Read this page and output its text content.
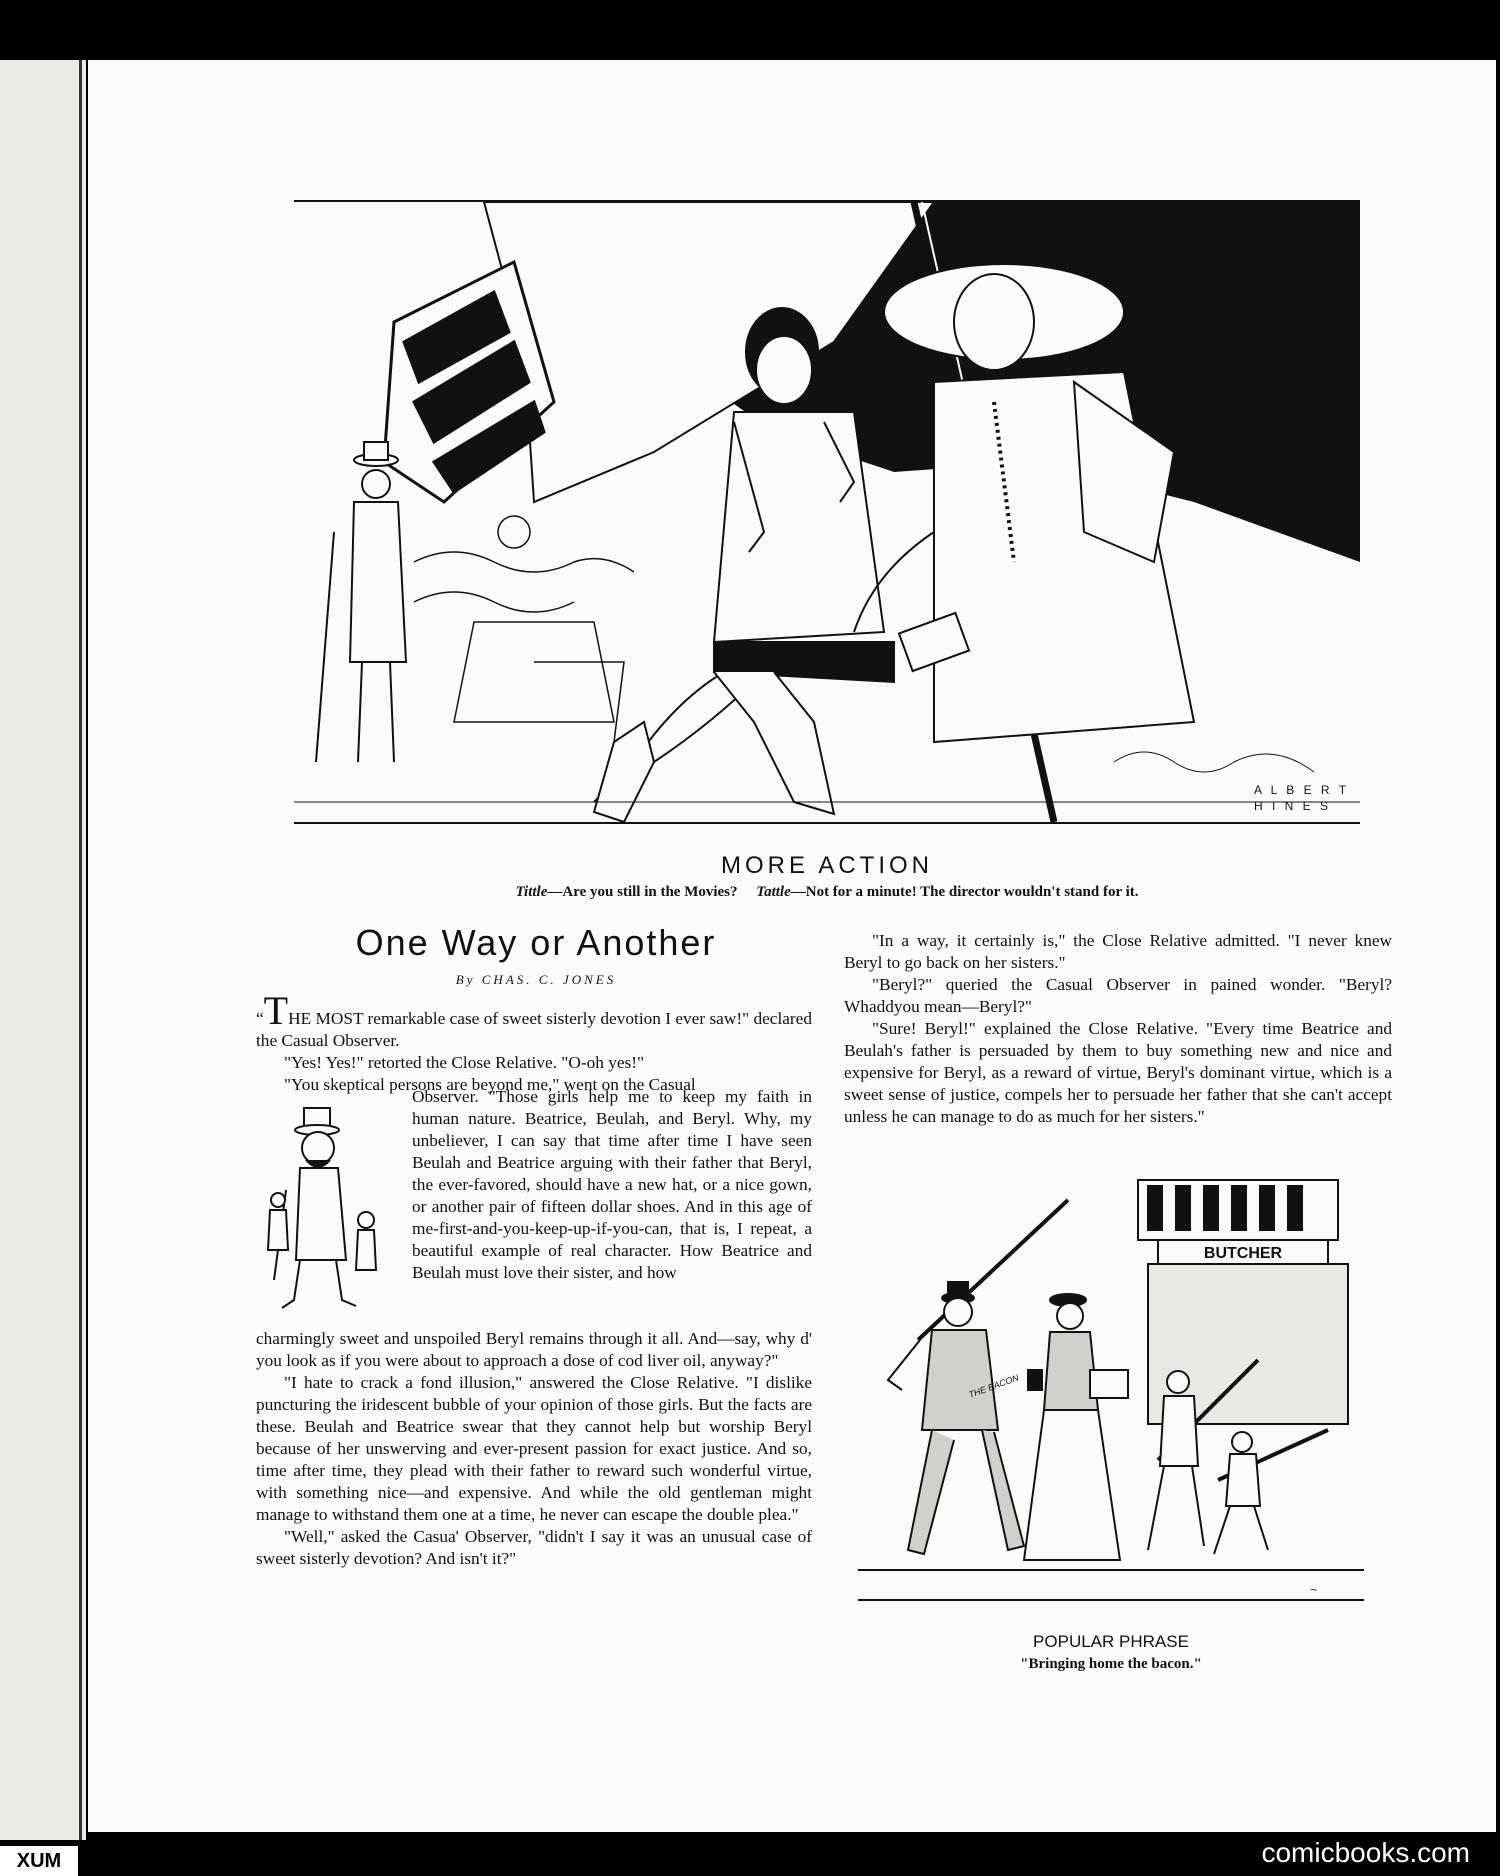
A L B E R T
H I N E S
MORE ACTION
Tittle—Are you still in the Movies? Tattle—Not for a minute! The director wouldn't stand for it.
One Way or Another
By CHAS. C. JONES

“THE MOST remarkable case of sweet sisterly devotion I ever saw!" declared the Casual Observer.

"Yes! Yes!" retorted the Close Relative. "O-oh yes!"

"You skeptical persons are beyond me," went on the Casual

Observer. "Those girls help me to keep my faith in human nature. Beatrice, Beulah, and Beryl. Why, my unbeliever, I can say that time after time I have seen Beulah and Beatrice arguing with their father that Beryl, the ever-favored, should have a new hat, or a nice gown, or another pair of fifteen dollar shoes. And in this age of me-first-and-you-keep-up-if-you-can, that is, I repeat, a beautiful example of real character. How Beatrice and Beulah must love their sister, and how

charmingly sweet and unspoiled Beryl remains through it all. And—say, why d' you look as if you were about to approach a dose of cod liver oil, anyway?"

"I hate to crack a fond illusion," answered the Close Relative. "I dislike puncturing the iridescent bubble of your opinion of those girls. But the facts are these. Beulah and Beatrice swear that they cannot help but worship Beryl because of her unswerving and ever-present passion for exact justice. And so, time after time, they plead with their father to reward such wonderful virtue, with something nice—and expensive. And while the old gentleman might manage to withstand them one at a time, he never can escape the double plea."

"Well," asked the Casua' Observer, "didn't I say it was an unusual case of sweet sisterly devotion? And isn't it?"

"In a way, it certainly is," the Close Relative admitted. "I never knew Beryl to go back on her sisters."

"Beryl?" queried the Casual Observer in pained wonder. "Beryl? Whaddyou mean—Beryl?"

"Sure! Beryl!" explained the Close Relative. "Every time Beatrice and Beulah's father is persuaded by them to buy something new and nice and expensive for Beryl, as a reward of virtue, Beryl's dominant virtue, which is a sweet sense of justice, compels her to persuade her father that she can't accept unless he can manage to do as much for her sisters."

BUTCHER
THE BACON
~
POPULAR PHRASE
"Bringing home the bacon."
XUM	comicbooks.com
